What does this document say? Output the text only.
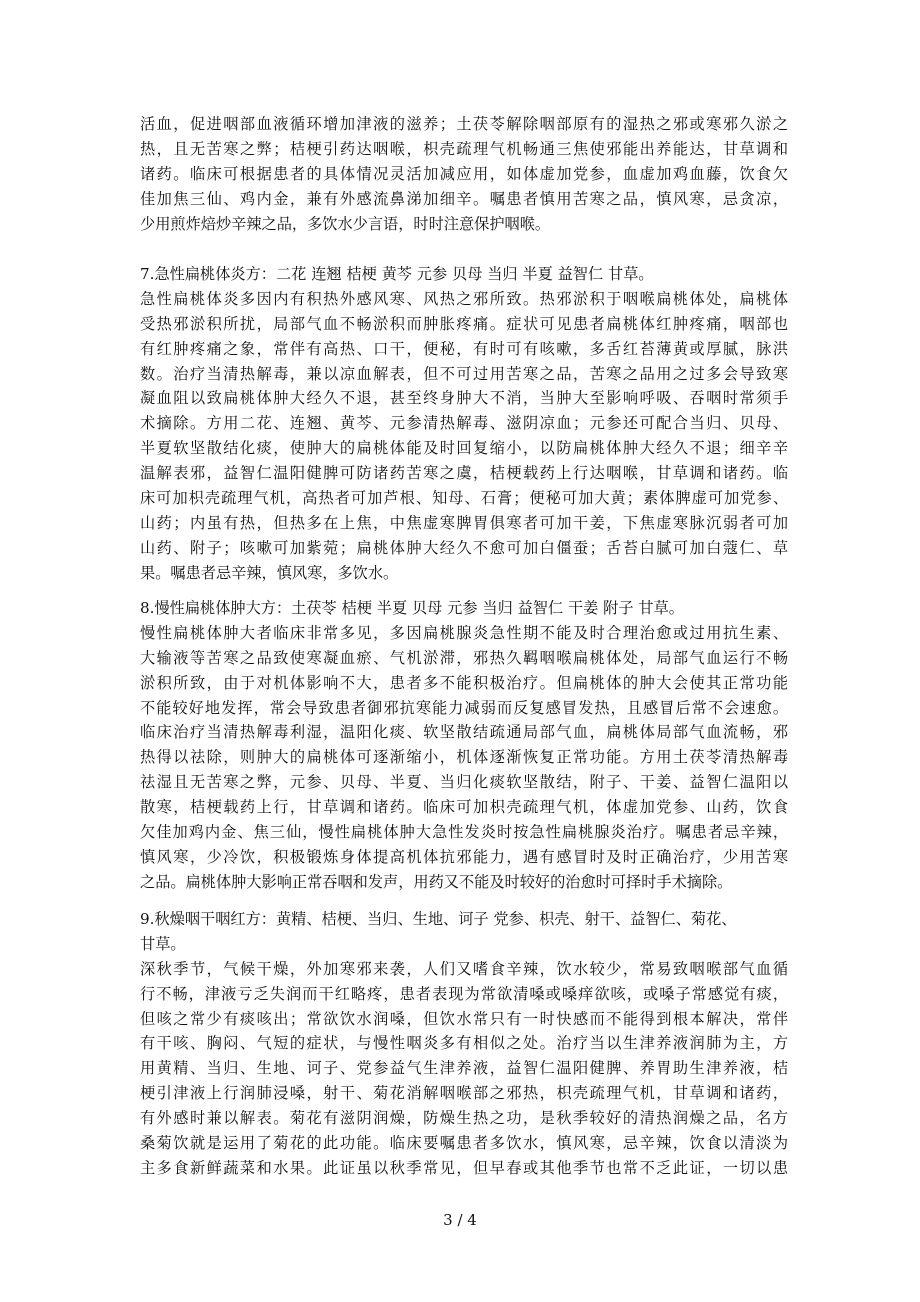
活血，促进咽部血液循环增加津液的滋养；土茯苓解除咽部原有的湿热之邪或寒邪久淤之
热，且无苦寒之弊；桔梗引药达咽喉，枳壳疏理气机畅通三焦使邪能出养能达，甘草调和
诸药。临床可根据患者的具体情况灵活加减应用，如体虚加党参，血虚加鸡血藤，饮食欠
佳加焦三仙、鸡内金，兼有外感流鼻涕加细辛。嘱患者慎用苦寒之品，慎风寒，忌贪凉，
少用煎炸焙炒辛辣之品，多饮水少言语，时时注意保护咽喉。
7.急性扁桃体炎方：二花 连翘 桔梗 黄芩 元参 贝母 当归 半夏 益智仁 甘草。
急性扁桃体炎多因内有积热外感风寒、风热之邪所致。热邪淤积于咽喉扁桃体处，扁桃体
受热邪淤积所扰，局部气血不畅淤积而肿胀疼痛。症状可见患者扁桃体红肿疼痛，咽部也
有红肿疼痛之象，常伴有高热、口干，便秘，有时可有咳嗽，多舌红苔薄黄或厚腻，脉洪
数。治疗当清热解毒，兼以凉血解表，但不可过用苦寒之品，苦寒之品用之过多会导致寒
凝血阻以致扁桃体肿大经久不退，甚至终身肿大不消，当肿大至影响呼吸、吞咽时常须手
术摘除。方用二花、连翘、黄芩、元参清热解毒、滋阴凉血；元参还可配合当归、贝母、
半夏软坚散结化痰，使肿大的扁桃体能及时回复缩小，以防扁桃体肿大经久不退；细辛辛
温解表邪，益智仁温阳健脾可防诸药苦寒之虞，桔梗载药上行达咽喉，甘草调和诸药。临
床可加枳壳疏理气机，高热者可加芦根、知母、石膏；便秘可加大黄；素体脾虚可加党参、
山药；内虽有热，但热多在上焦，中焦虚寒脾胃俱寒者可加干姜，下焦虚寒脉沉弱者可加
山药、附子；咳嗽可加紫菀；扁桃体肿大经久不愈可加白僵蚕；舌苔白腻可加白蔻仁、草
果。嘱患者忌辛辣，慎风寒，多饮水。
8.慢性扁桃体肿大方：土茯苓 桔梗 半夏 贝母 元参 当归 益智仁 干姜 附子 甘草。
慢性扁桃体肿大者临床非常多见，多因扁桃腺炎急性期不能及时合理治愈或过用抗生素、
大输液等苦寒之品致使寒凝血瘀、气机淤滞，邪热久羁咽喉扁桃体处，局部气血运行不畅
淤积所致，由于对机体影响不大，患者多不能积极治疗。但扁桃体的肿大会使其正常功能
不能较好地发挥，常会导致患者御邪抗寒能力减弱而反复感冒发热，且感冒后常不会速愈。
临床治疗当清热解毒利湿，温阳化痰、软坚散结疏通局部气血，扁桃体局部气血流畅，邪
热得以祛除，则肿大的扁桃体可逐渐缩小，机体逐渐恢复正常功能。方用土茯苓清热解毒
祛湿且无苦寒之弊，元参、贝母、半夏、当归化痰软坚散结，附子、干姜、益智仁温阳以
散寒，桔梗载药上行，甘草调和诸药。临床可加枳壳疏理气机，体虚加党参、山药，饮食
欠佳加鸡内金、焦三仙，慢性扁桃体肿大急性发炎时按急性扁桃腺炎治疗。嘱患者忌辛辣，
慎风寒，少冷饮，积极锻炼身体提高机体抗邪能力，遇有感冒时及时正确治疗，少用苦寒
之品。扁桃体肿大影响正常吞咽和发声，用药又不能及时较好的治愈时可择时手术摘除。
9.秋燥咽干咽红方：黄精、桔梗、当归、生地、诃子 党参、枳壳、射干、益智仁、菊花、
甘草。
深秋季节，气候干燥，外加寒邪来袭，人们又嗜食辛辣，饮水较少，常易致咽喉部气血循
行不畅，津液亏乏失润而干红略疼，患者表现为常欲清嗓或嗓痒欲咳，或嗓子常感觉有痰，
但咳之常少有痰咳出；常欲饮水润嗓，但饮水常只有一时快感而不能得到根本解决，常伴
有干咳、胸闷、气短的症状，与慢性咽炎多有相似之处。治疗当以生津养液润肺为主，方
用黄精、当归、生地、诃子、党参益气生津养液，益智仁温阳健脾、养胃助生津养液，桔
梗引津液上行润肺浸嗓，射干、菊花消解咽喉部之邪热，枳壳疏理气机，甘草调和诸药，
有外感时兼以解表。菊花有滋阴润燥，防燥生热之功，是秋季较好的清热润燥之品，名方
桑菊饮就是运用了菊花的此功能。临床要嘱患者多饮水，慎风寒，忌辛辣，饮食以清淡为
主多食新鲜蔬菜和水果。此证虽以秋季常见，但早春或其他季节也常不乏此证，一切以患
3 / 4
